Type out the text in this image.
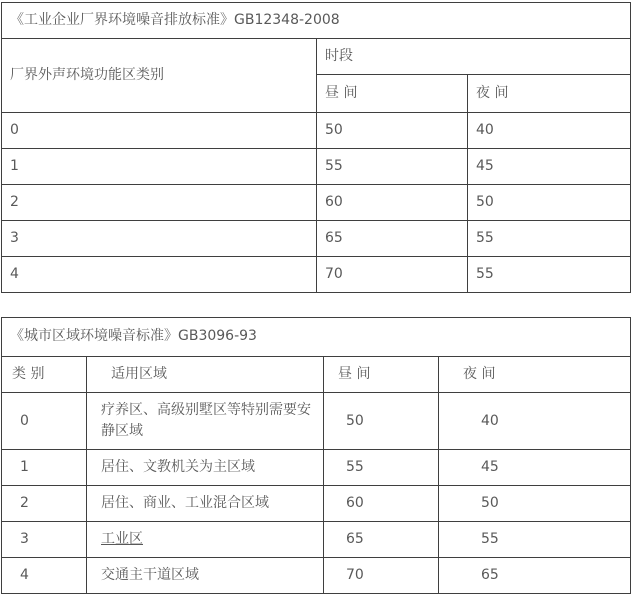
《工业企业厂界环境噪音排放标准》GB12348-2008		
厂界外声环境功能区类别	时段	
	昼 间	夜 间
0	50	40
1	55	45
2	60	50
3	65	55
4	70	55
《城市区域环境噪音标准》GB3096-93			
类 别	适用区域	昼 间	夜 间
0	疗养区、高级别墅区等特别需要安静区域	50	40
1	居住、文教机关为主区域	55	45
2	居住、商业、工业混合区域	60	50
3	工业区	65	55
4	交通主干道区域	70	65
